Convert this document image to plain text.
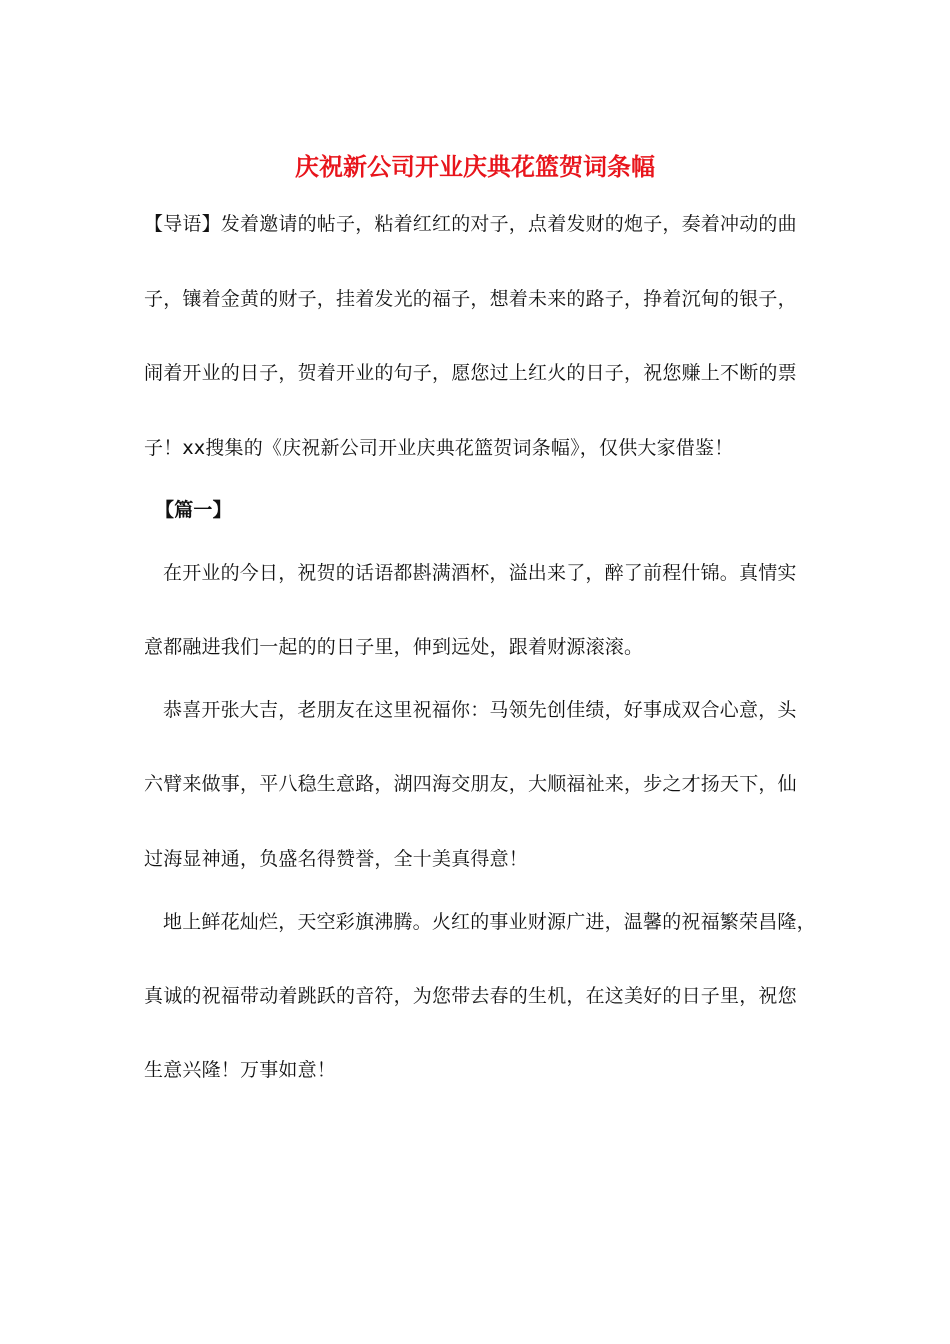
庆祝新公司开业庆典花篮贺词条幅
【导语】发着邀请的帖子，粘着红红的对子，点着发财的炮子，奏着冲动的曲
子，镶着金黄的财子，挂着发光的福子，想着未来的路子，挣着沉甸的银子，
闹着开业的日子，贺着开业的句子，愿您过上红火的日子，祝您赚上不断的票
子！xx搜集的《庆祝新公司开业庆典花篮贺词条幅》，仅供大家借鉴！
【篇一】
在开业的今日，祝贺的话语都斟满酒杯，溢出来了，醉了前程什锦。真情实
意都融进我们一起的的日子里，伸到远处，跟着财源滚滚。
恭喜开张大吉，老朋友在这里祝福你：马领先创佳绩，好事成双合心意，头
六臂来做事，平八稳生意路，湖四海交朋友，大顺福祉来，步之才扬天下，仙
过海显神通，负盛名得赞誉，全十美真得意！
地上鲜花灿烂，天空彩旗沸腾。火红的事业财源广进，温馨的祝福繁荣昌隆，
真诚的祝福带动着跳跃的音符，为您带去春的生机，在这美好的日子里，祝您
生意兴隆！万事如意！
